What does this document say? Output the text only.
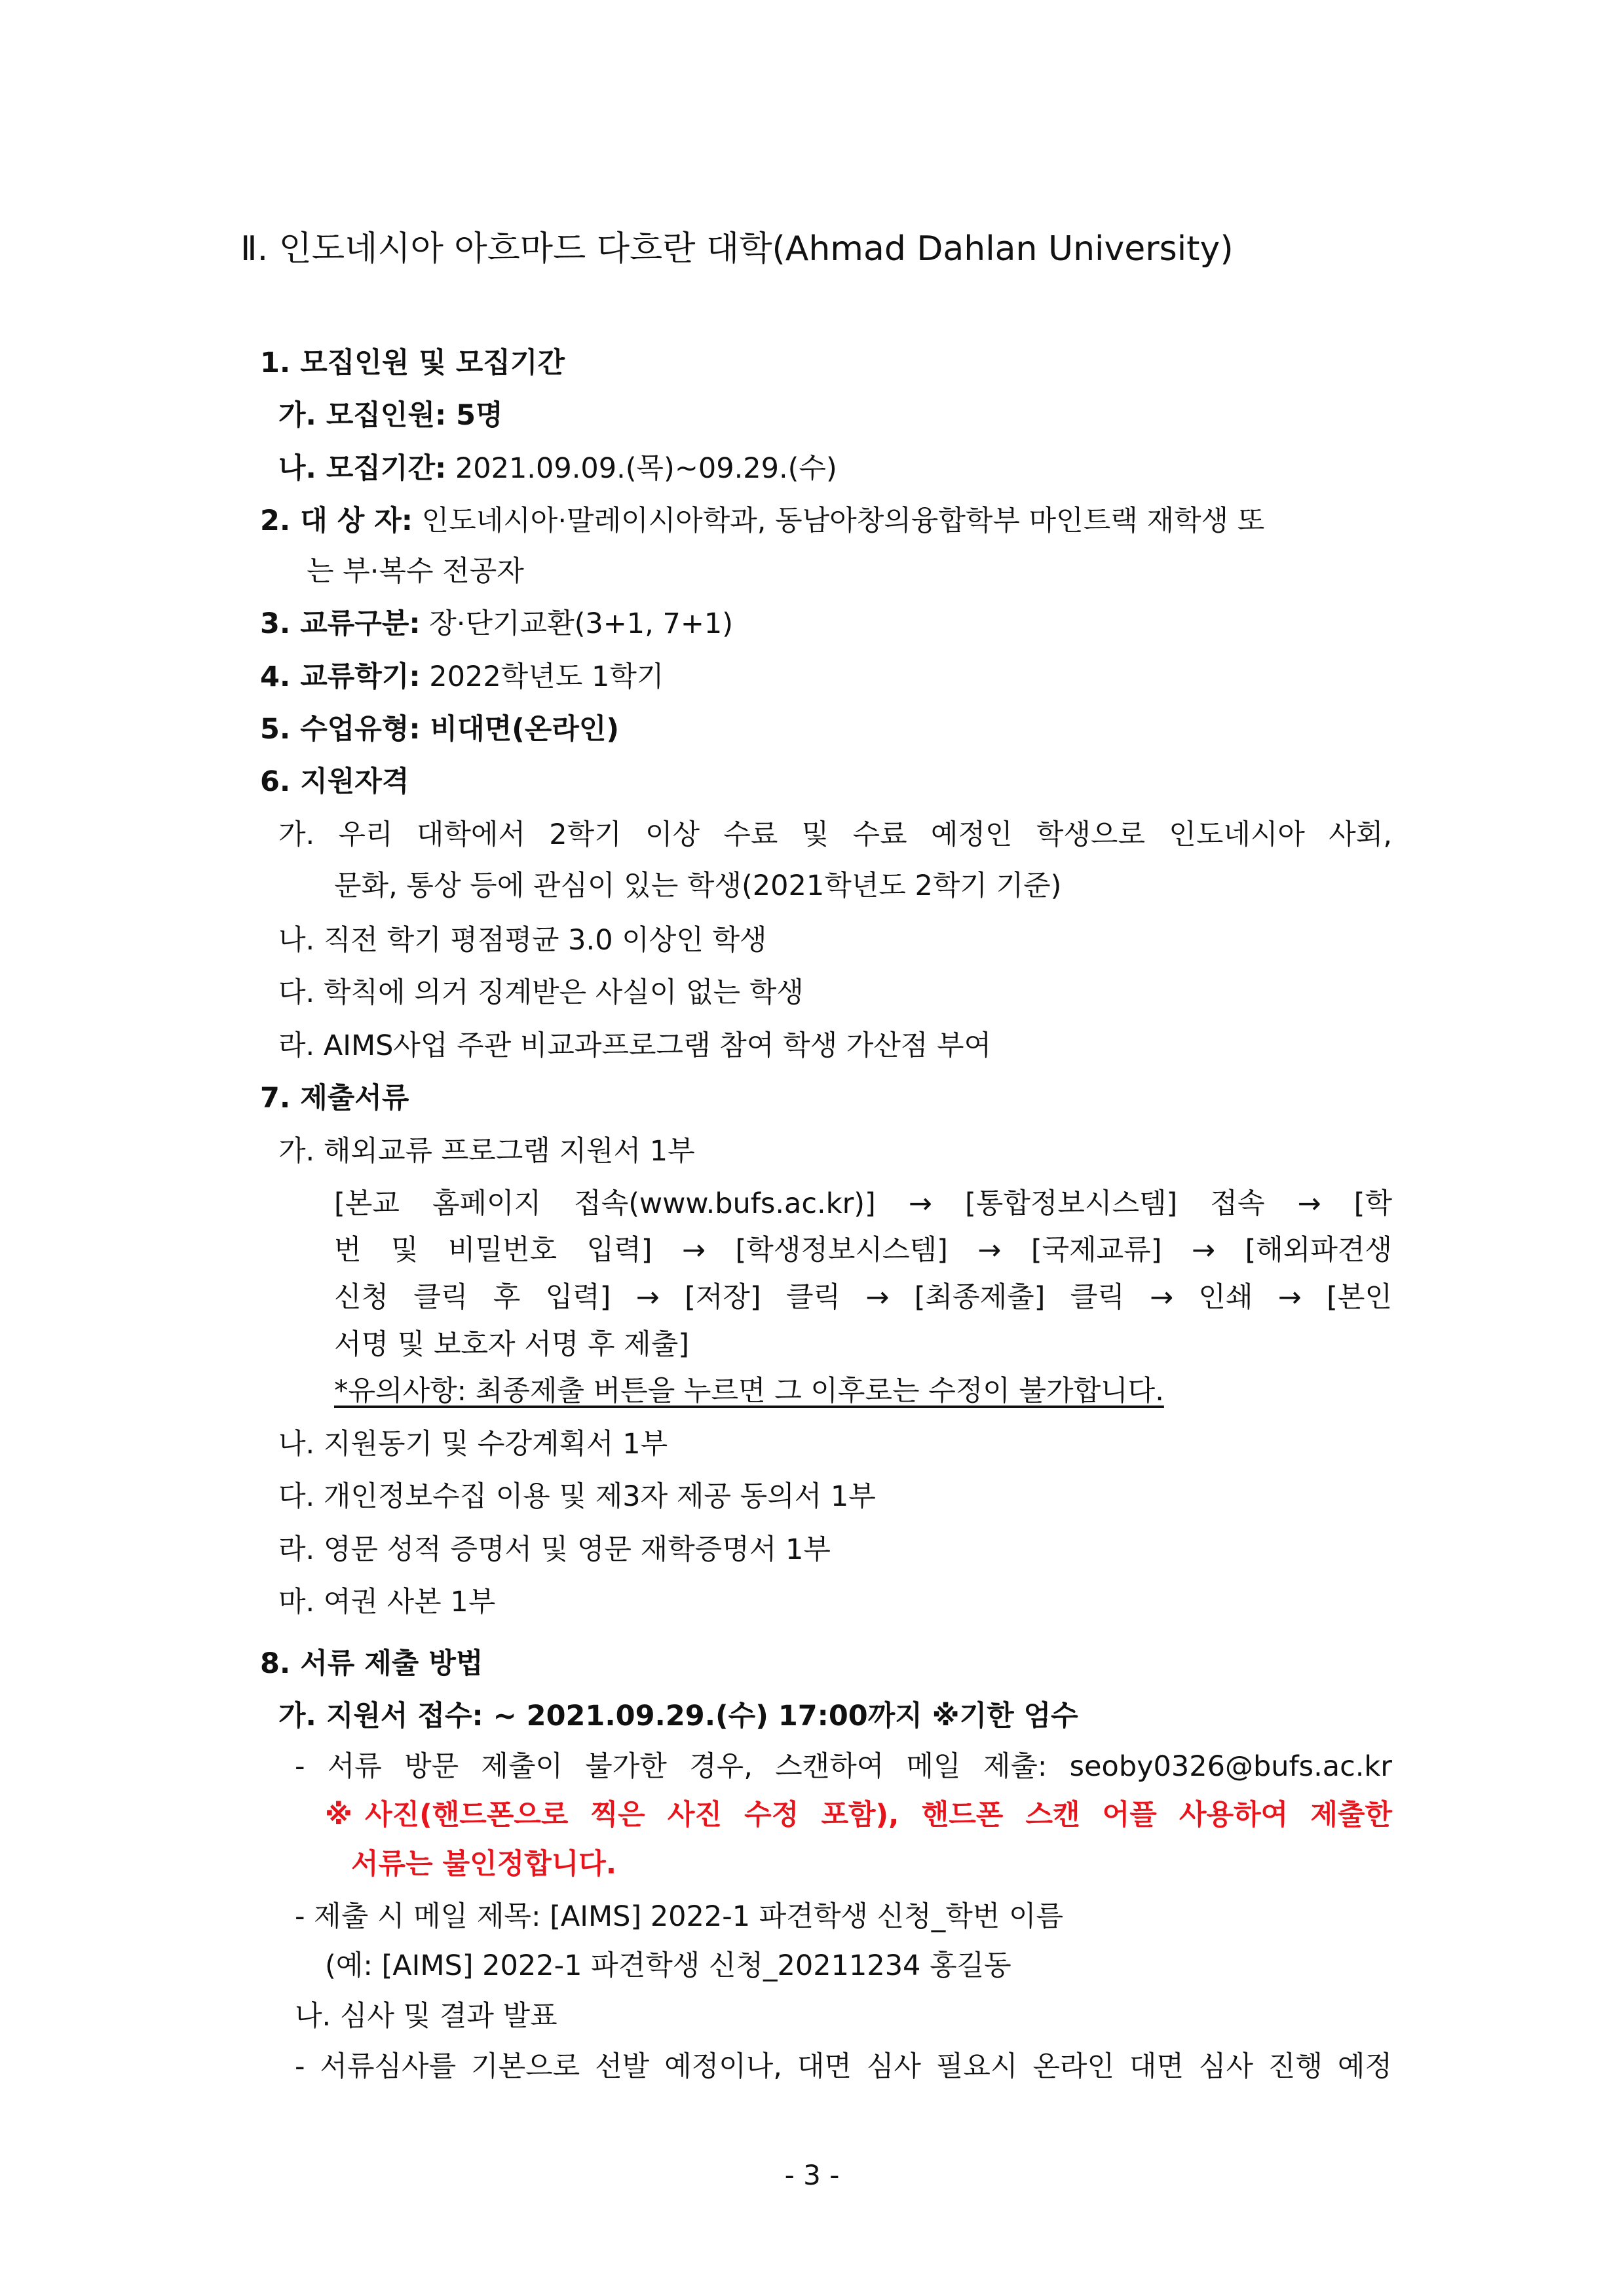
Ⅱ. 인도네시아 아흐마드 다흐란 대학(Ahmad Dahlan University)
1. 모집인원 및 모집기간
가. 모집인원: 5명
나. 모집기간: 2021.09.09.(목)~09.29.(수)
2. 대 상 자: 인도네시아·말레이시아학과, 동남아창의융합학부 마인트랙 재학생 또
는 부·복수 전공자
3. 교류구분: 장·단기교환(3+1, 7+1)
4. 교류학기: 2022학년도 1학기
5. 수업유형: 비대면(온라인)
6. 지원자격
가. 우리 대학에서 2학기 이상 수료 및 수료 예정인 학생으로 인도네시아 사회,
문화, 통상 등에 관심이 있는 학생(2021학년도 2학기 기준)
나. 직전 학기 평점평균 3.0 이상인 학생
다. 학칙에 의거 징계받은 사실이 없는 학생
라. AIMS사업 주관 비교과프로그램 참여 학생 가산점 부여
7. 제출서류
가. 해외교류 프로그램 지원서 1부
[본교 홈페이지 접속(www.bufs.ac.kr)] → [통합정보시스템] 접속 → [학
번 및 비밀번호 입력] → [학생정보시스템] → [국제교류] → [해외파견생
신청 클릭 후 입력] → [저장] 클릭 → [최종제출] 클릭 → 인쇄 → [본인
서명 및 보호자 서명 후 제출]
*유의사항: 최종제출 버튼을 누르면 그 이후로는 수정이 불가합니다.
나. 지원동기 및 수강계획서 1부
다. 개인정보수집 이용 및 제3자 제공 동의서 1부
라. 영문 성적 증명서 및 영문 재학증명서 1부
마. 여권 사본 1부
8. 서류 제출 방법
가. 지원서 접수: ~ 2021.09.29.(수) 17:00까지 ※기한 엄수
- 서류 방문 제출이 불가한 경우, 스캔하여 메일 제출: seoby0326@bufs.ac.kr
※사진(핸드폰으로 찍은 사진 수정 포함), 핸드폰 스캔 어플 사용하여 제출한
서류는 불인정합니다.
- 제출 시 메일 제목: [AIMS] 2022-1 파견학생 신청_학번 이름
(예: [AIMS] 2022-1 파견학생 신청_20211234 홍길동
나. 심사 및 결과 발표
- 서류심사를 기본으로 선발 예정이나, 대면 심사 필요시 온라인 대면 심사 진행 예정
- 3 -
